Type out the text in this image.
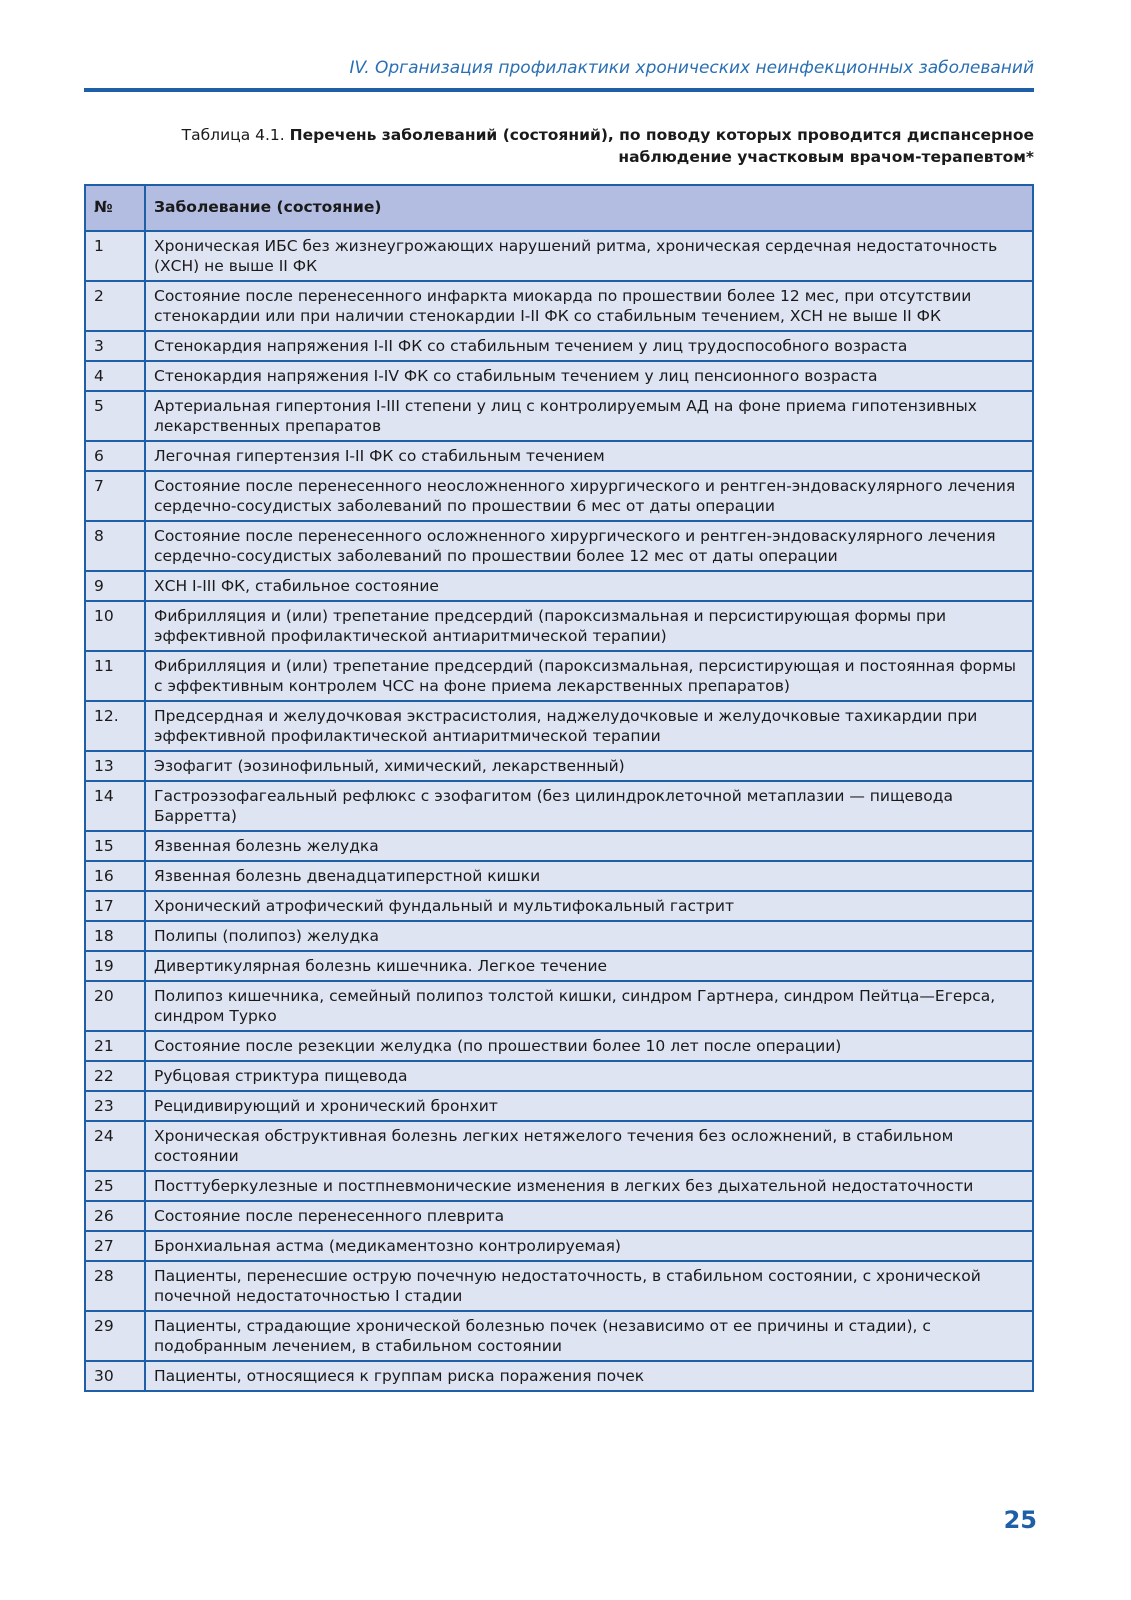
IV. Организация профилактики хронических неинфекционных заболеваний
Таблица 4.1. Перечень заболеваний (состояний), по поводу которых проводится диспансерное наблюдение участковым врачом-терапевтом*
№	Заболевание (состояние)
1	Хроническая ИБС без жизнеугрожающих нарушений ритма, хроническая сердечная недостаточность (ХСН) не выше II ФК
2	Состояние после перенесенного инфаркта миокарда по прошествии более 12 мес, при отсутствии стенокардии или при наличии стенокардии I-II ФК со стабильным течением, ХСН не выше II ФК
3	Стенокардия напряжения I-II ФК со стабильным течением у лиц трудоспособного возраста
4	Стенокардия напряжения I-IV ФК со стабильным течением у лиц пенсионного возраста
5	Артериальная гипертония I-III степени у лиц с контролируемым АД на фоне приема гипотензивных лекарственных препаратов
6	Легочная гипертензия I-II ФК со стабильным течением
7	Состояние после перенесенного неосложненного хирургического и рентген-эндоваскулярного лечения сердечно-сосудистых заболеваний по прошествии 6 мес от даты операции
8	Состояние после перенесенного осложненного хирургического и рентген-эндоваскулярного лечения сердечно-сосудистых заболеваний по прошествии более 12 мес от даты операции
9	ХСН I-III ФК, стабильное состояние
10	Фибрилляция и (или) трепетание предсердий (пароксизмальная и персистирующая формы при эффективной профилактической антиаритмической терапии)
11	Фибрилляция и (или) трепетание предсердий (пароксизмальная, персистирующая и постоянная формы с эффективным контролем ЧСС на фоне приема лекарственных препаратов)
12.	Предсердная и желудочковая экстрасистолия, наджелудочковые и желудочковые тахикардии при эффективной профилактической антиаритмической терапии
13	Эзофагит (эозинофильный, химический, лекарственный)
14	Гастроэзофагеальный рефлюкс с эзофагитом (без цилиндроклеточной метаплазии — пищевода Барретта)
15	Язвенная болезнь желудка
16	Язвенная болезнь двенадцатиперстной кишки
17	Хронический атрофический фундальный и мультифокальный гастрит
18	Полипы (полипоз) желудка
19	Дивертикулярная болезнь кишечника. Легкое течение
20	Полипоз кишечника, семейный полипоз толстой кишки, синдром Гартнера, синдром Пейтца—Егерса, синдром Турко
21	Состояние после резекции желудка (по прошествии более 10 лет после операции)
22	Рубцовая стриктура пищевода
23	Рецидивирующий и хронический бронхит
24	Хроническая обструктивная болезнь легких нетяжелого течения без осложнений, в стабильном состоянии
25	Посттуберкулезные и постпневмонические изменения в легких без дыхательной недостаточности
26	Состояние после перенесенного плеврита
27	Бронхиальная астма (медикаментозно контролируемая)
28	Пациенты, перенесшие острую почечную недостаточность, в стабильном состоянии, с хронической почечной недостаточностью I стадии
29	Пациенты, страдающие хронической болезнью почек (независимо от ее причины и стадии), с подобранным лечением, в стабильном состоянии
30	Пациенты, относящиеся к группам риска поражения почек
25
